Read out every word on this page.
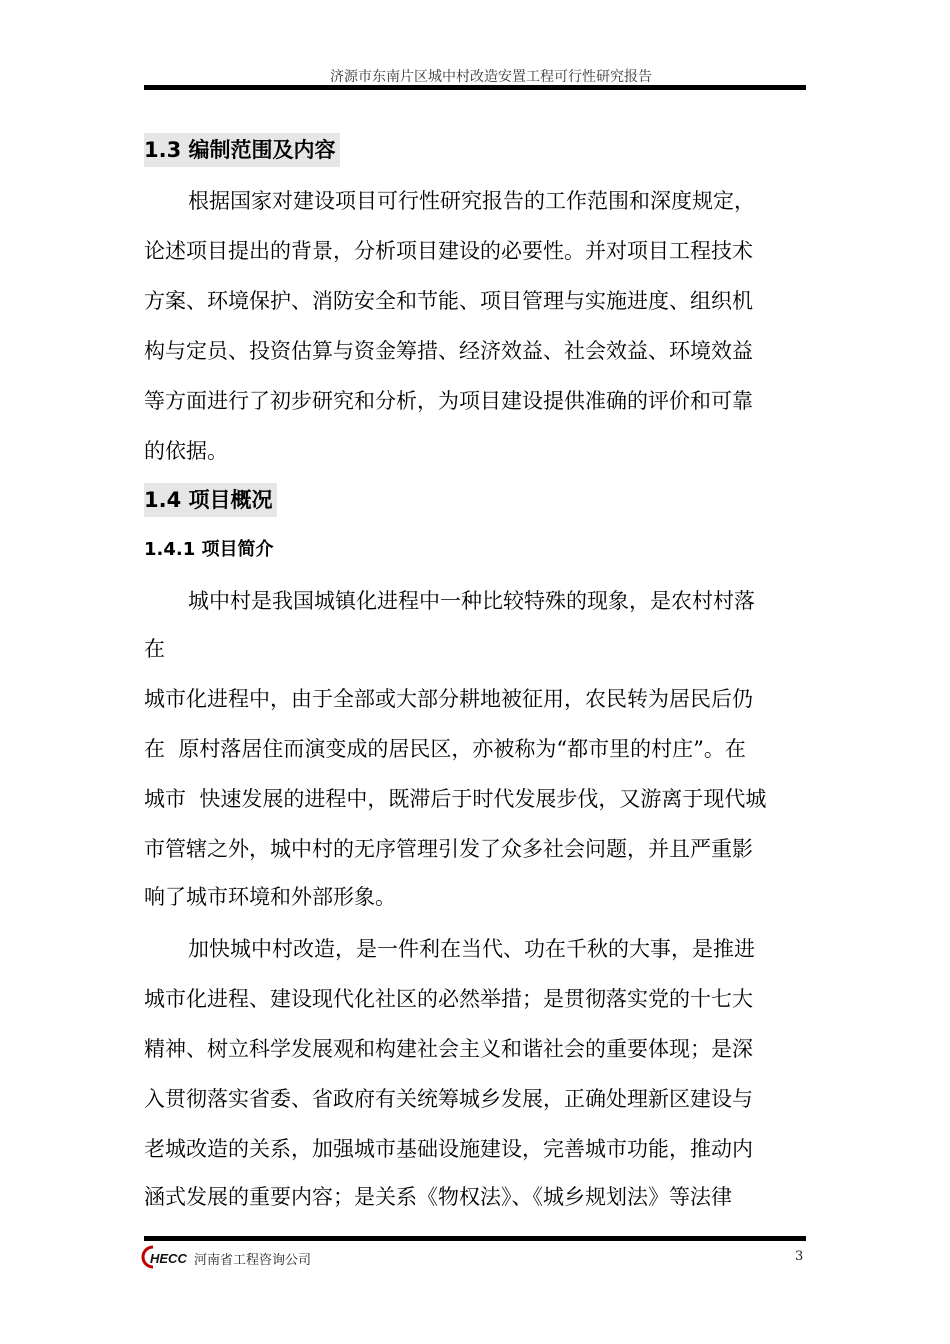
济源市东南片区城中村改造安置工程可行性研究报告
1.3 编制范围及内容
根据国家对建设项目可行性研究报告的工作范围和深度规定，
论述项目提出的背景，分析项目建设的必要性。并对项目工程技术
方案、环境保护、消防安全和节能、项目管理与实施进度、组织机
构与定员、投资估算与资金筹措、经济效益、社会效益、环境效益
等方面进行了初步研究和分析，为项目建设提供准确的评价和可靠
的依据。
1.4 项目概况
1.4.1 项目简介
城中村是我国城镇化进程中一种比较特殊的现象，是农村村落
在
城市化进程中，由于全部或大部分耕地被征用，农民转为居民后仍
在  原村落居住而演变成的居民区，亦被称为“都市里的村庄”。在
城市  快速发展的进程中，既滞后于时代发展步伐，又游离于现代城
市管辖之外，城中村的无序管理引发了众多社会问题，并且严重影
响了城市环境和外部形象。
加快城中村改造，是一件利在当代、功在千秋的大事，是推进
城市化进程、建设现代化社区的必然举措；是贯彻落实党的十七大
精神、树立科学发展观和构建社会主义和谐社会的重要体现；是深
入贯彻落实省委、省政府有关统筹城乡发展，正确处理新区建设与
老城改造的关系，加强城市基础设施建设，完善城市功能，推动内
涵式发展的重要内容；是关系《物权法》、《城乡规划法》等法律
HECC 河南省工程咨询公司	3
